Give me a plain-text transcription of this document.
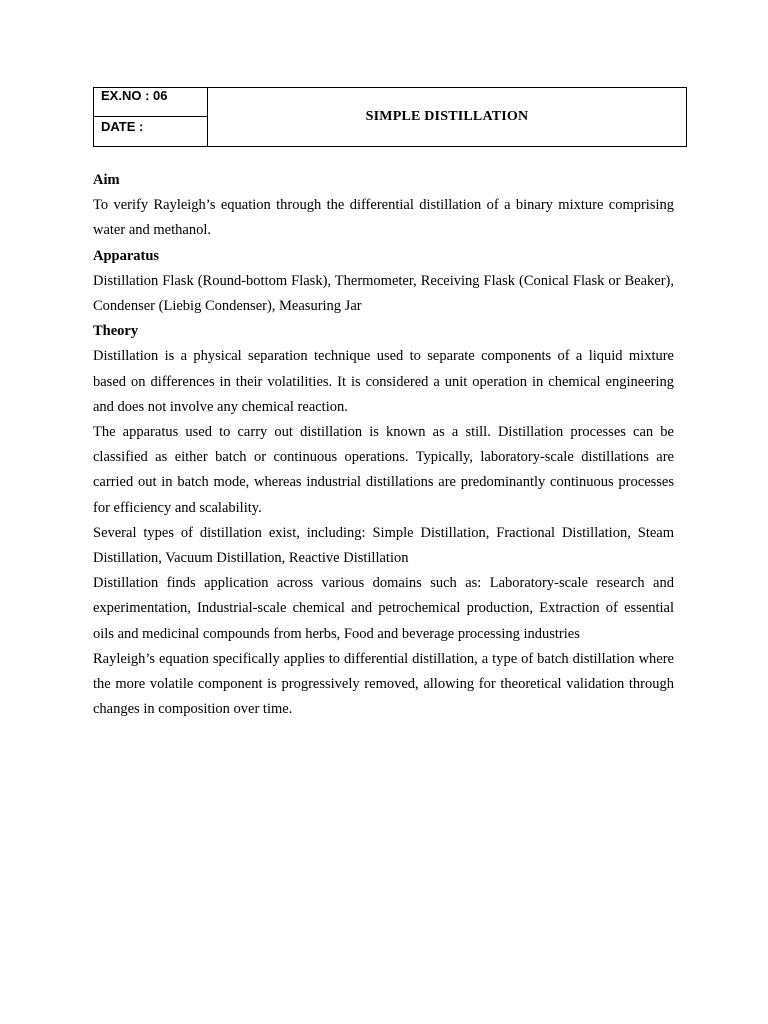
EX.NO : 06
DATE :
SIMPLE DISTILLATION
Aim

To verify Rayleigh’s equation through the differential distillation of a binary mixture comprising water and methanol.

Apparatus

Distillation Flask (Round-bottom Flask), Thermometer, Receiving Flask (Conical Flask or Beaker), Condenser (Liebig Condenser), Measuring Jar

Theory

Distillation is a physical separation technique used to separate components of a liquid mixture based on differences in their volatilities. It is considered a unit operation in chemical engineering and does not involve any chemical reaction.

The apparatus used to carry out distillation is known as a still. Distillation processes can be classified as either batch or continuous operations. Typically, laboratory-scale distillations are carried out in batch mode, whereas industrial distillations are predominantly continuous processes for efficiency and scalability.

Several types of distillation exist, including: Simple Distillation, Fractional Distillation, Steam Distillation, Vacuum Distillation, Reactive Distillation

Distillation finds application across various domains such as: Laboratory-scale research and experimentation, Industrial-scale chemical and petrochemical production, Extraction of essential oils and medicinal compounds from herbs, Food and beverage processing industries

Rayleigh’s equation specifically applies to differential distillation, a type of batch distillation where the more volatile component is progressively removed, allowing for theoretical validation through changes in composition over time.
